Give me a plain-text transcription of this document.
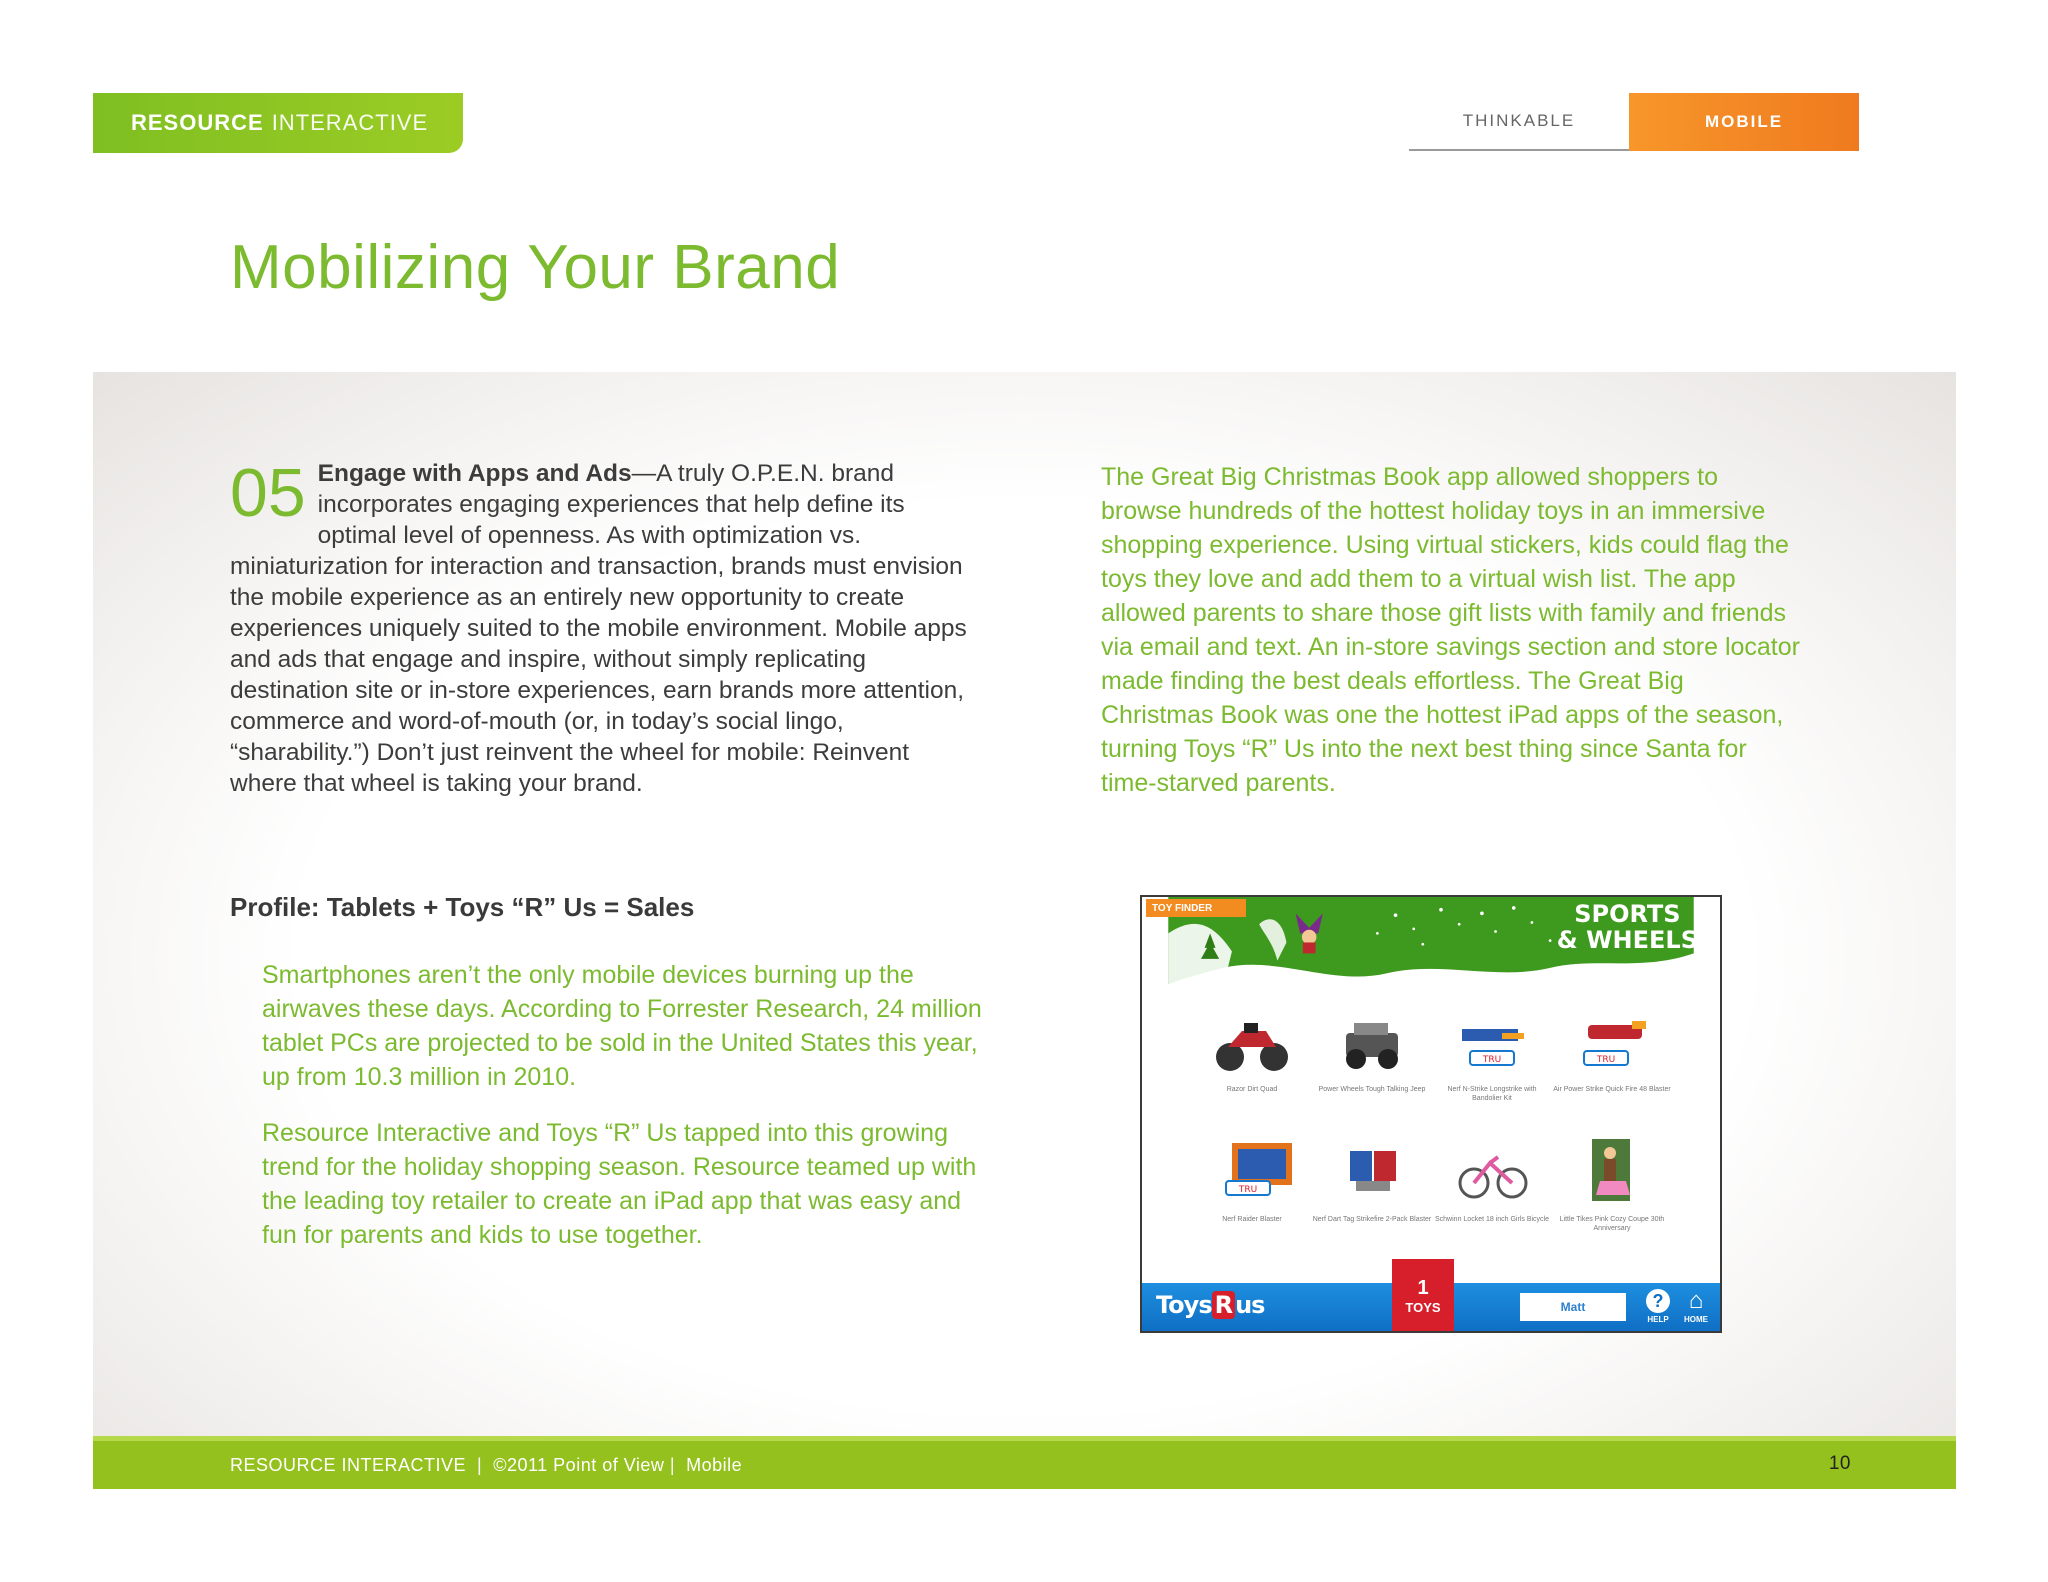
RESOURCE INTERACTIVE	THINKABLE	MOBILE
Mobilizing Your Brand
05 Engage with Apps and Ads—A truly O.P.E.N. brand incorporates engaging experiences that help define its optimal level of openness. As with optimization vs. miniaturization for interaction and transaction, brands must envision the mobile experience as an entirely new opportunity to create experiences uniquely suited to the mobile environment. Mobile apps and ads that engage and inspire, without simply replicating destination site or in-store experiences, earn brands more attention, commerce and word-of-mouth (or, in today’s social lingo, “sharability.”) Don’t just reinvent the wheel for mobile: Reinvent where that wheel is taking your brand.

Profile: Tablets + Toys “R” Us = Sales

Smartphones aren’t the only mobile devices burning up the airwaves these days. According to Forrester Research, 24 million tablet PCs are projected to be sold in the United States this year, up from 10.3 million in 2010.

Resource Interactive and Toys “R” Us tapped into this growing trend for the holiday shopping season. Resource teamed up with the leading toy retailer to create an iPad app that was easy and fun for parents and kids to use together.

The Great Big Christmas Book app allowed shoppers to browse hundreds of the hottest holiday toys in an immersive shopping experience. Using virtual stickers, kids could flag the toys they love and add them to a virtual wish list. The app allowed parents to share those gift lists with family and friends via email and text. An in-store savings section and store locator made finding the best deals effortless. The Great Big Christmas Book was one the hottest iPad apps of the season, turning Toys “R” Us into the next best thing since Santa for time-starved parents.

TOY FINDER	SPORTS
& WHEELS
Razor Dirt Quad	Power Wheels Tough Talking Jeep
TRU
Nerf N-Strike Longstrike with Bandolier Kit
TRU
Air Power Strike Quick Fire 48 Blaster
TRU
Nerf Raider Blaster	Nerf Dart Tag Strikefire 2-Pack Blaster Schwinn Locket 18 inch Girls Bicycle	Little Tikes Pink Cozy Coupe 30th Anniversary
Toys R us	Matt	?
HELP
⌂
HOME
1
TOYS
RESOURCE INTERACTIVE  |  ©2011 Point of View |  Mobile	10
